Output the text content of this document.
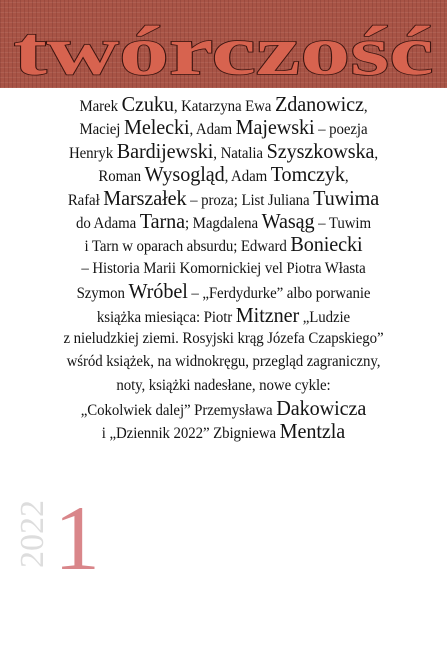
twórczość
Marek Czuku, Katarzyna Ewa Zdanowicz,
Maciej Melecki, Adam Majewski – poezja
Henryk Bardijewski, Natalia Szyszkowska,
Roman Wysogląd, Adam Tomczyk,
Rafał Marszałek – proza; List Juliana Tuwima
do Adama Tarna; Magdalena Wasąg – Tuwim
i Tarn w oparach absurdu; Edward Boniecki
– Historia Marii Komornickiej vel Piotra Własta
Szymon Wróbel – „Ferdydurke” albo porwanie
książka miesiąca: Piotr Mitzner „Ludzie
z nieludzkiej ziemi. Rosyjski krąg Józefa Czapskiego”
wśród książek, na widnokręgu, przegląd zagraniczny,
noty, książki nadesłane, nowe cykle:
„Cokolwiek dalej” Przemysława Dakowicza
i „Dziennik 2022” Zbigniewa Mentzla
2022 1
